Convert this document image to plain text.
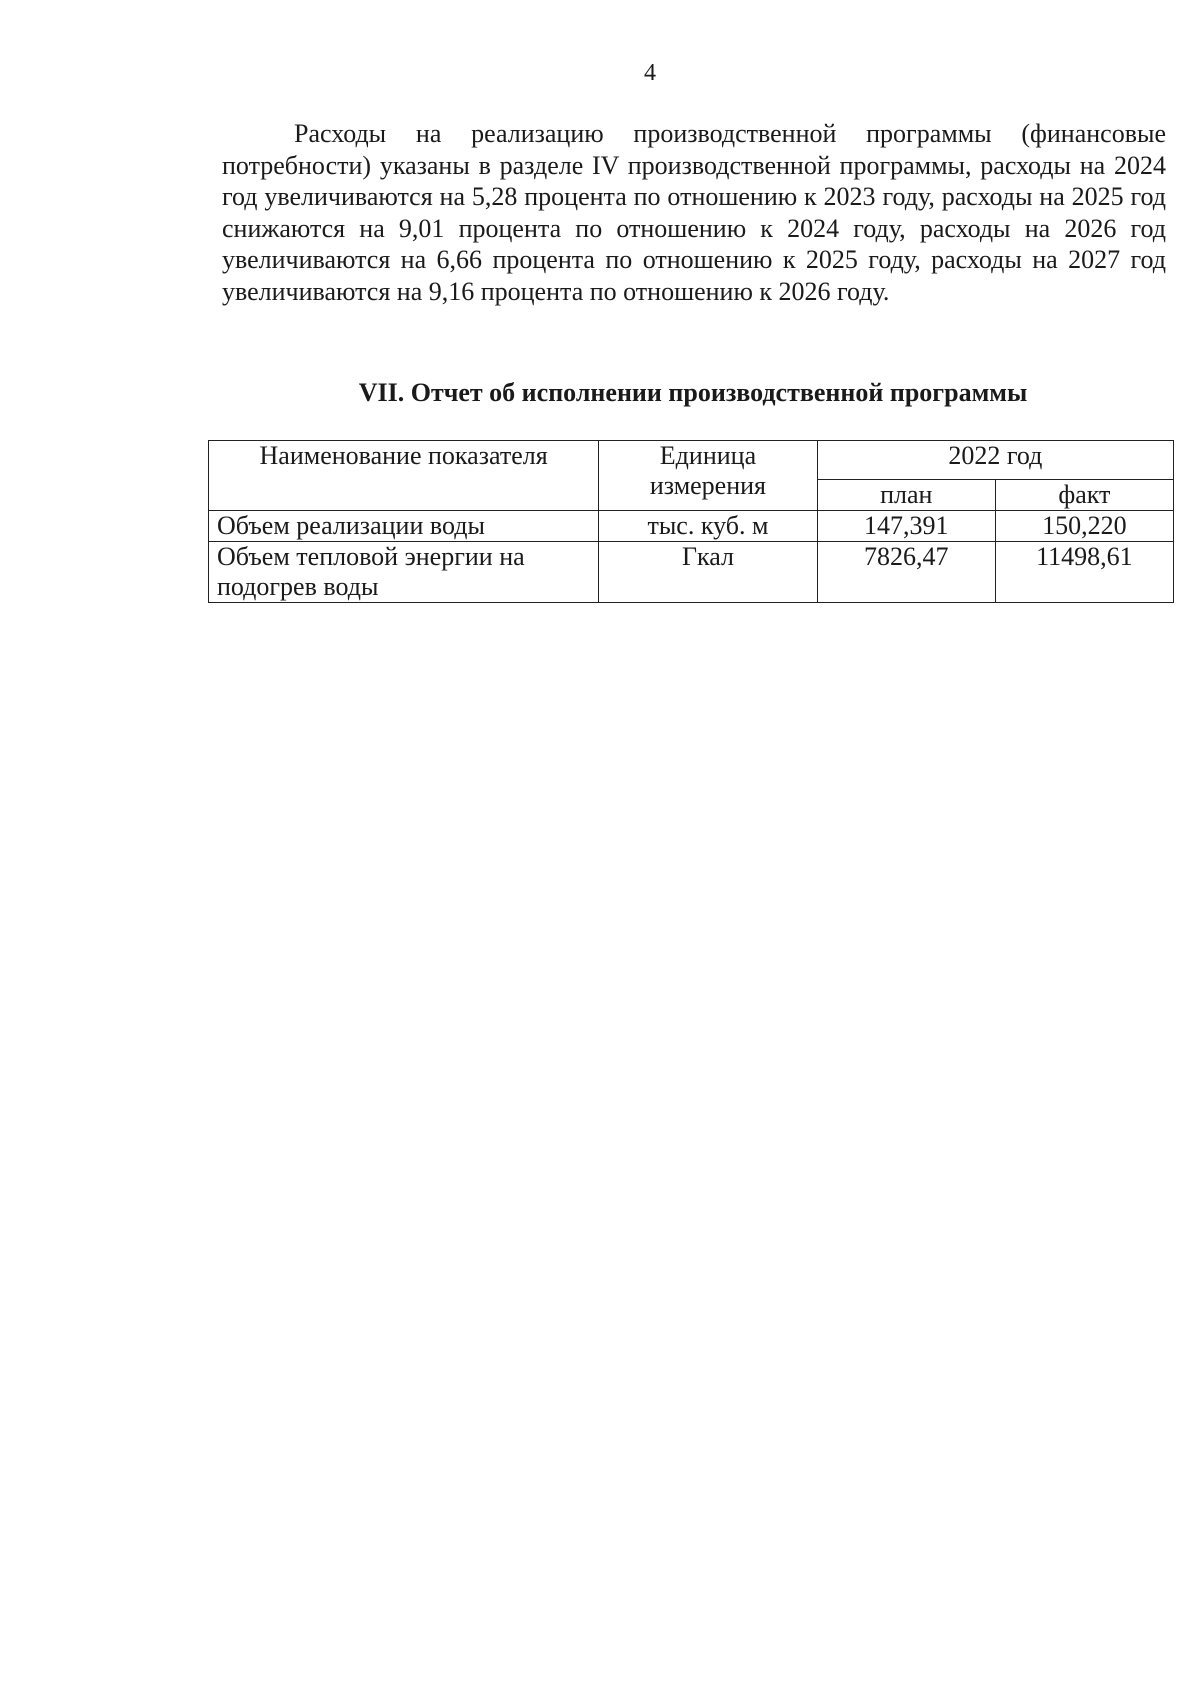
4

Расходы на реализацию производственной программы (финансовые потребности) указаны в разделе IV производственной программы, расходы на 2024 год увеличиваются на 5,28 процента по отношению к 2023 году, расходы на 2025 год снижаются на 9,01 процента по отношению к 2024 году, расходы на 2026 год увеличиваются на 6,66 процента по отношению к 2025 году, расходы на 2027 год увеличиваются на 9,16 процента по отношению к 2026 году.

VII. Отчет об исполнении производственной программы
Наименование показателя	Единица измерения	2022 год	
		план	факт
Объем реализации воды	тыс. куб. м	147,391	150,220
Объем тепловой энергии на подогрев воды	Гкал	7826,47	11498,61
